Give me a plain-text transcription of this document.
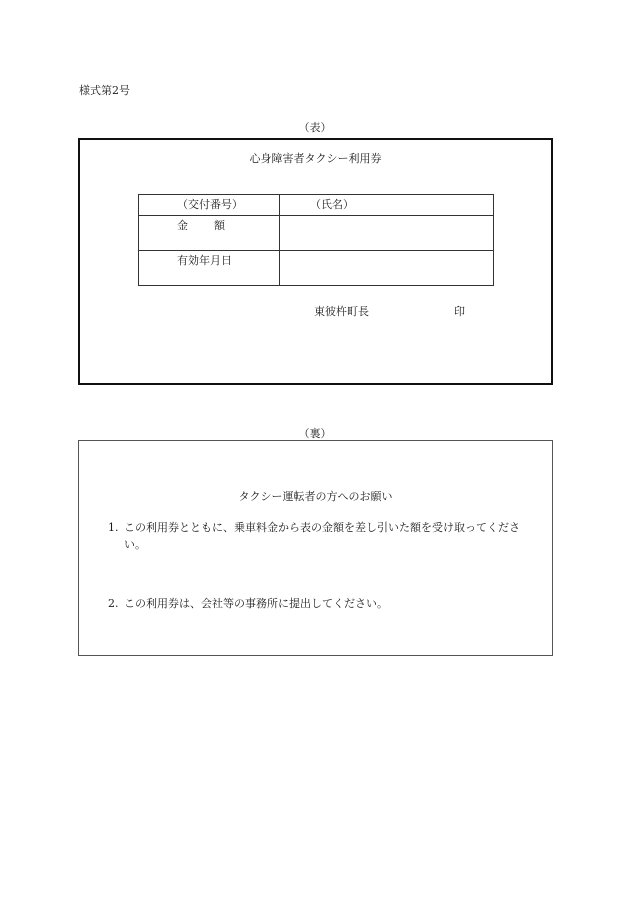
様式第2号
（表）
心身障害者タクシー利用券
（交付番号）	（氏名）

金額	

有効年月日	

東彼杵町長	印
（裏）
タクシー運転者の方へのお願い
1. この利用券とともに、乗車料金から表の金額を差し引いた額を受け取ってください。
2. この利用券は、会社等の事務所に提出してください。
